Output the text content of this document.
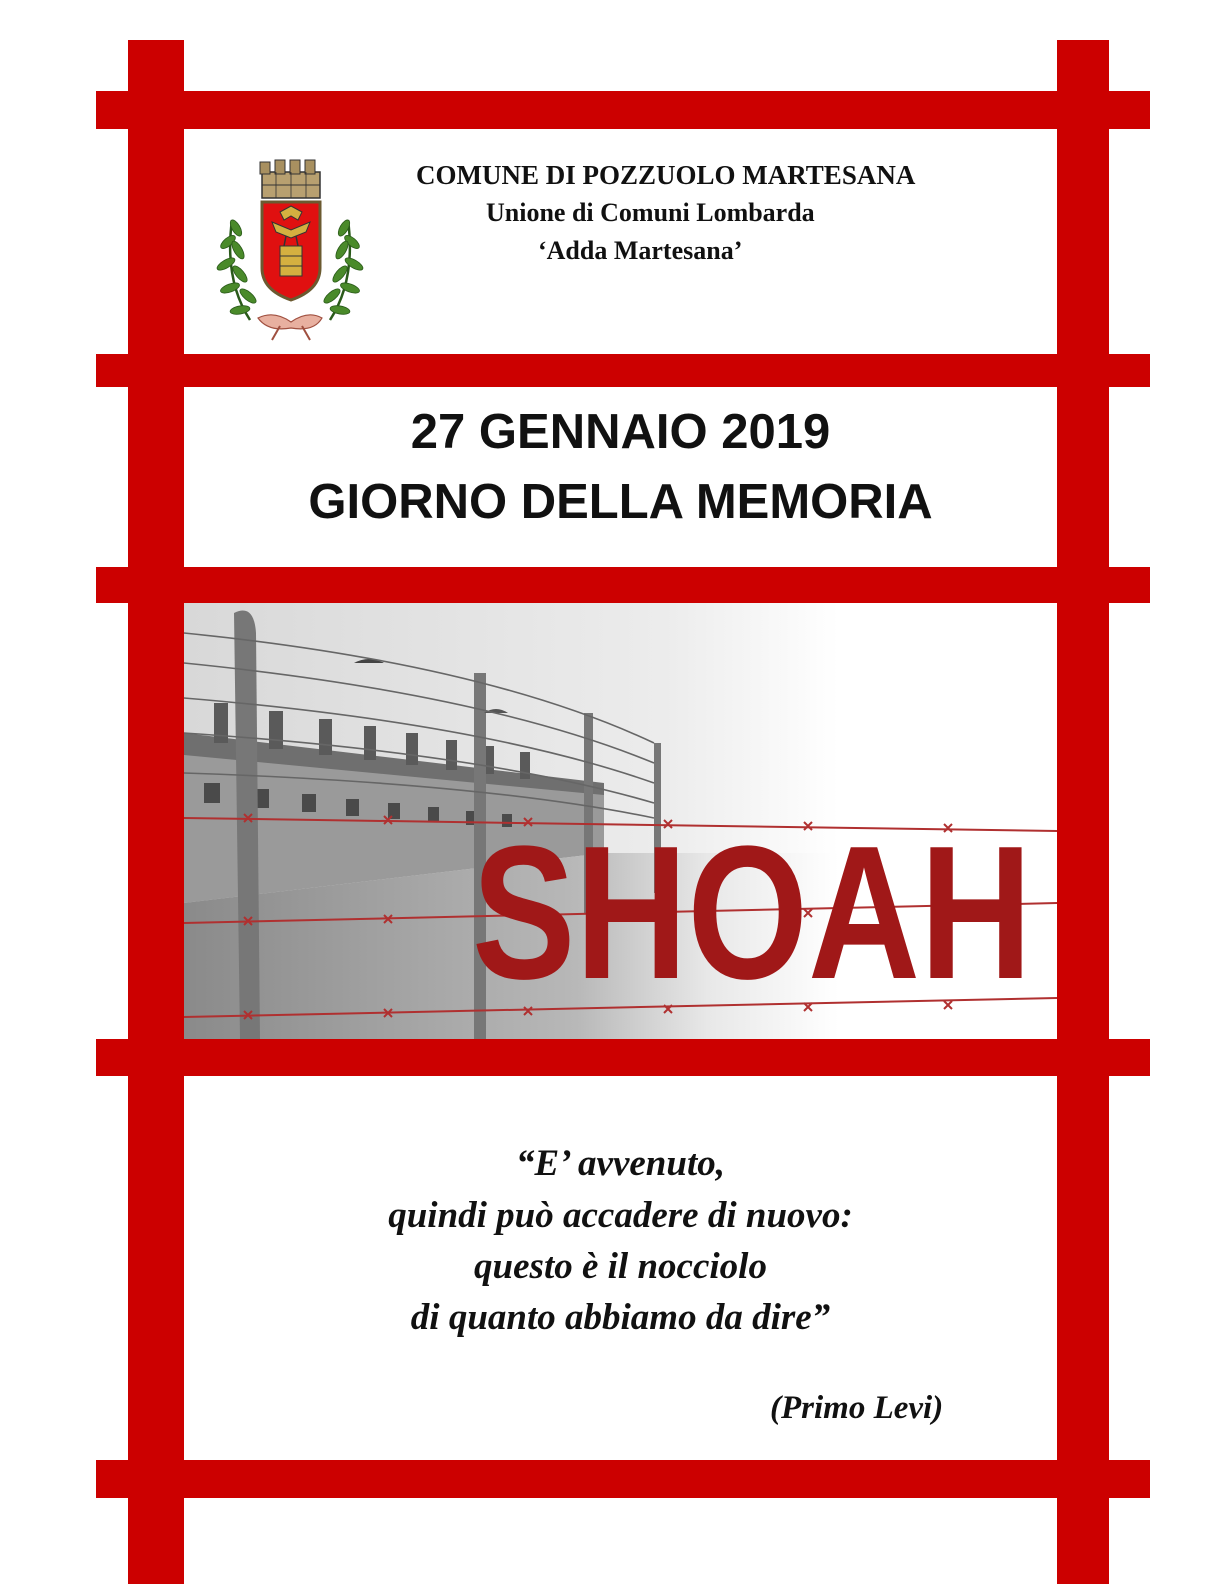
COMUNE DI POZZUOLO MARTESANA
Unione di Comuni Lombarda
‘Adda Martesana’
27 GENNAIO 2019
GIORNO DELLA MEMORIA
SHOAH
“E’ avvenuto,
quindi può accadere di nuovo:
questo è il nocciolo
di quanto abbiamo da dire”
(Primo Levi)
